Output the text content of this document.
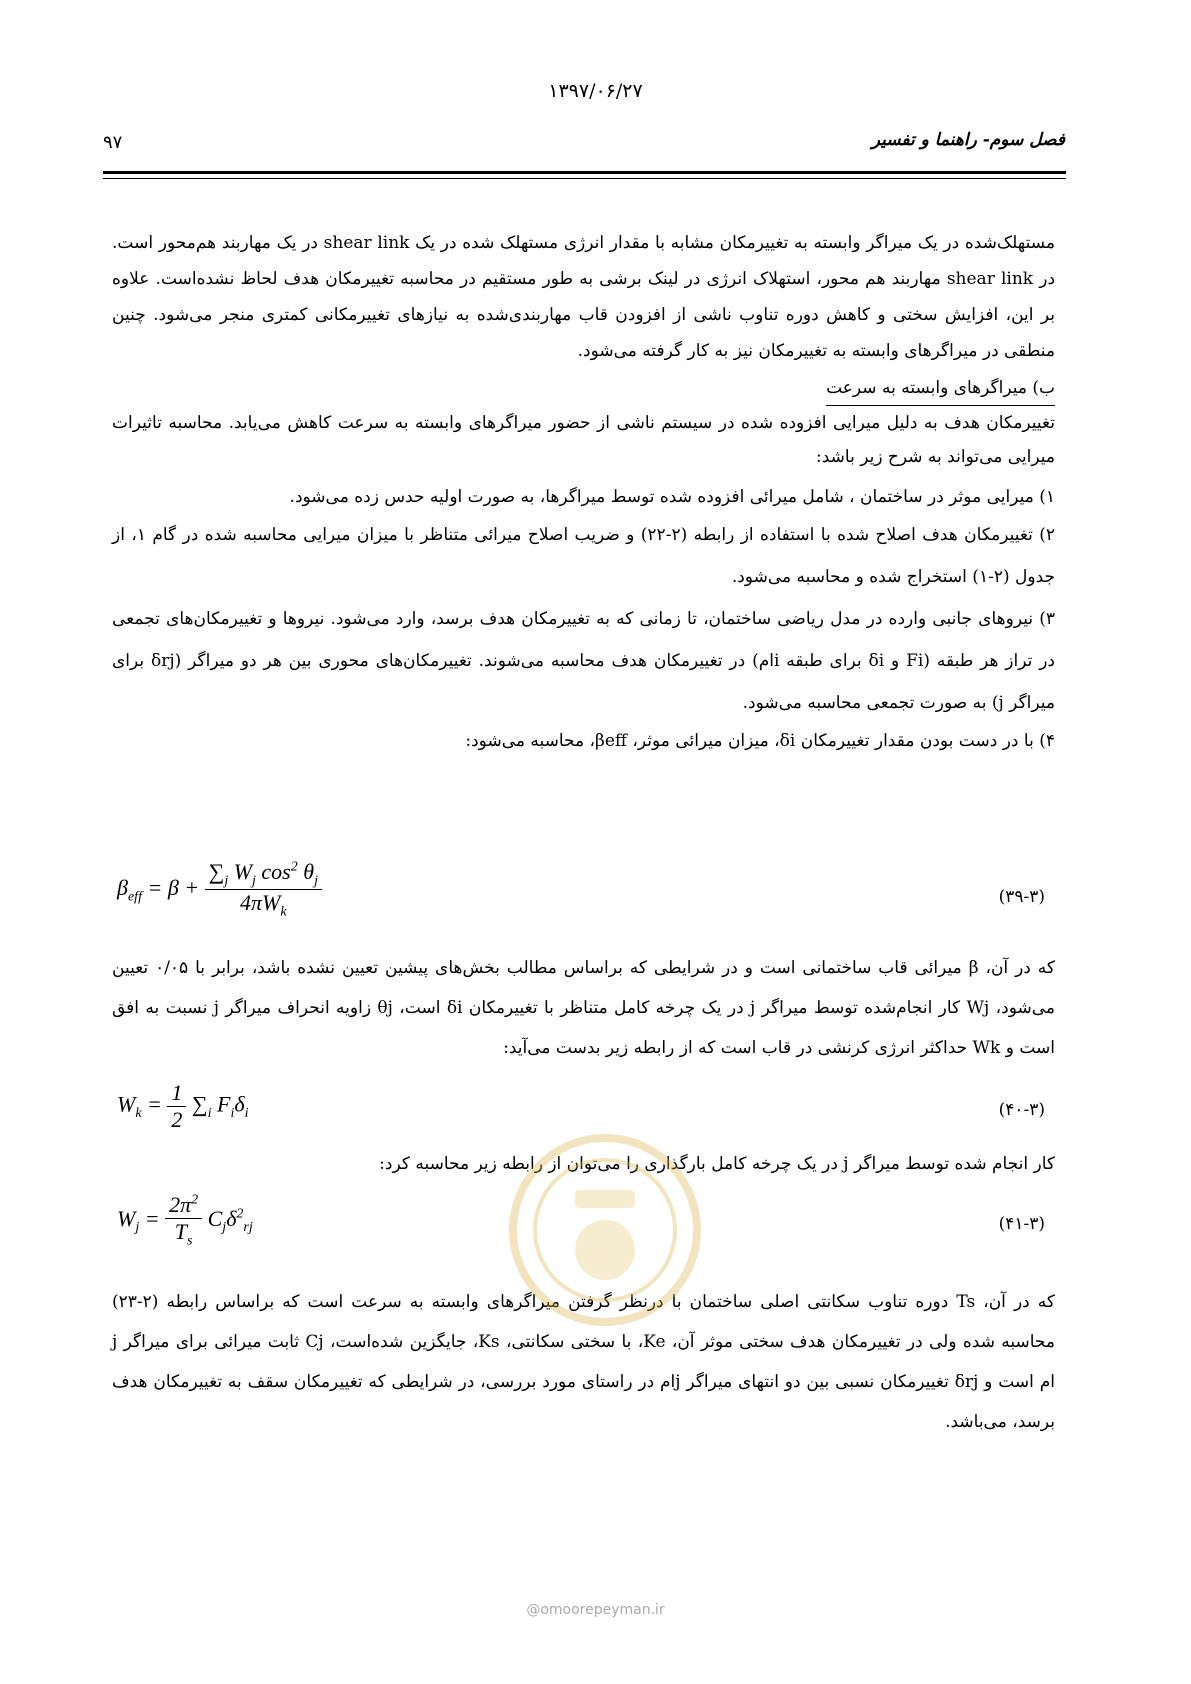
۱۳۹۷/۰۶/۲۷
۹۷	فصل سوم- راهنما و تفسیر

مستهلک‌شده در یک میراگر وابسته به تغییرمکان مشابه با مقدار انرژی مستهلک شده در یک shear link در یک مهاربند هم‌محور است. در shear link مهاربند هم محور، استهلاک انرژی در لینک برشی به طور مستقیم در محاسبه تغییرمکان هدف لحاظ نشده‌است. علاوه بر این، افزایش سختی و کاهش دوره تناوب ناشی از افزودن قاب مهاربندی‌شده به نیازهای تغییرمکانی کمتری منجر می‌شود. چنین منطقی در میراگرهای وابسته به تغییرمکان نیز به کار گرفته می‌شود.

ب) میراگرهای وابسته به سرعت

تغییرمکان هدف به دلیل میرایی افزوده شده در سیستم ناشی از حضور میراگرهای وابسته به سرعت کاهش می‌یابد. محاسبه تاثیرات میرایی می‌تواند به شرح زیر باشد:

۱) میرایی موثر در ساختمان ، شامل میرائی افزوده شده توسط میراگرها، به صورت اولیه حدس زده می‌شود.

۲) تغییرمکان هدف اصلاح شده با استفاده از رابطه (۲-۲۲) و ضریب اصلاح میرائی متناظر با میزان میرایی محاسبه شده در گام ۱، از جدول (۲-۱) استخراج شده و محاسبه می‌شود.

۳) نیروهای جانبی وارده در مدل ریاضی ساختمان، تا زمانی که به تغییرمکان هدف برسد، وارد می‌شود. نیروها و تغییرمکان‌های تجمعی در تراز هر طبقه (Fi و δi برای طبقه iام) در تغییرمکان هدف محاسبه می‌شوند. تغییرمکان‌های محوری بین هر دو میراگر (δrj برای میراگر j) به صورت تجمعی محاسبه می‌شود.

۴) با در دست بودن مقدار تغییرمکان δi، میزان میرائی موثر، βeff، محاسبه می‌شود:

$\beta_{eff} = \beta + \frac{\sum_j W_j \cos^2 \theta_j}{4\pi W_k}$	(۳۹-۳)

که در آن، β میرائی قاب ساختمانی است و در شرایطی که براساس مطالب بخش‌های پیشین تعیین نشده باشد، برابر با ۰/۰۵ تعیین می‌شود، Wj کار انجام‌شده توسط میراگر j در یک چرخه کامل متناظر با تغییرمکان δi است، θj زاویه انحراف میراگر j نسبت به افق است و Wk حداکثر انرژی کرنشی در قاب است که از رابطه زیر بدست می‌آید:

$W_k = \frac{1}{2} \sum_i$ $F_i\delta_i$	(۴۰-۳)

کار انجام شده توسط میراگر j در یک چرخه کامل بارگذاری را می‌توان از رابطه زیر محاسبه کرد:

$W_j = \frac{2\pi^2}{T_s} C_j\delta^2_{rj}$	(۴۱-۳)

که در آن، Ts دوره تناوب سکانتی اصلی ساختمان با درنظر گرفتن میراگرهای وابسته به سرعت است که براساس رابطه (۲-۲۳) محاسبه شده ولی در تغییرمکان هدف سختی موثر آن، Ke، با سختی سکانتی، Ks، جایگزین شده‌است، Cj ثابت میرائی برای میراگر j ام است و δrj تغییرمکان نسبی بین دو انتهای میراگر jام در راستای مورد بررسی، در شرایطی که تغییرمکان سقف به تغییرمکان هدف برسد، می‌باشد.

@omoorepeyman.ir
